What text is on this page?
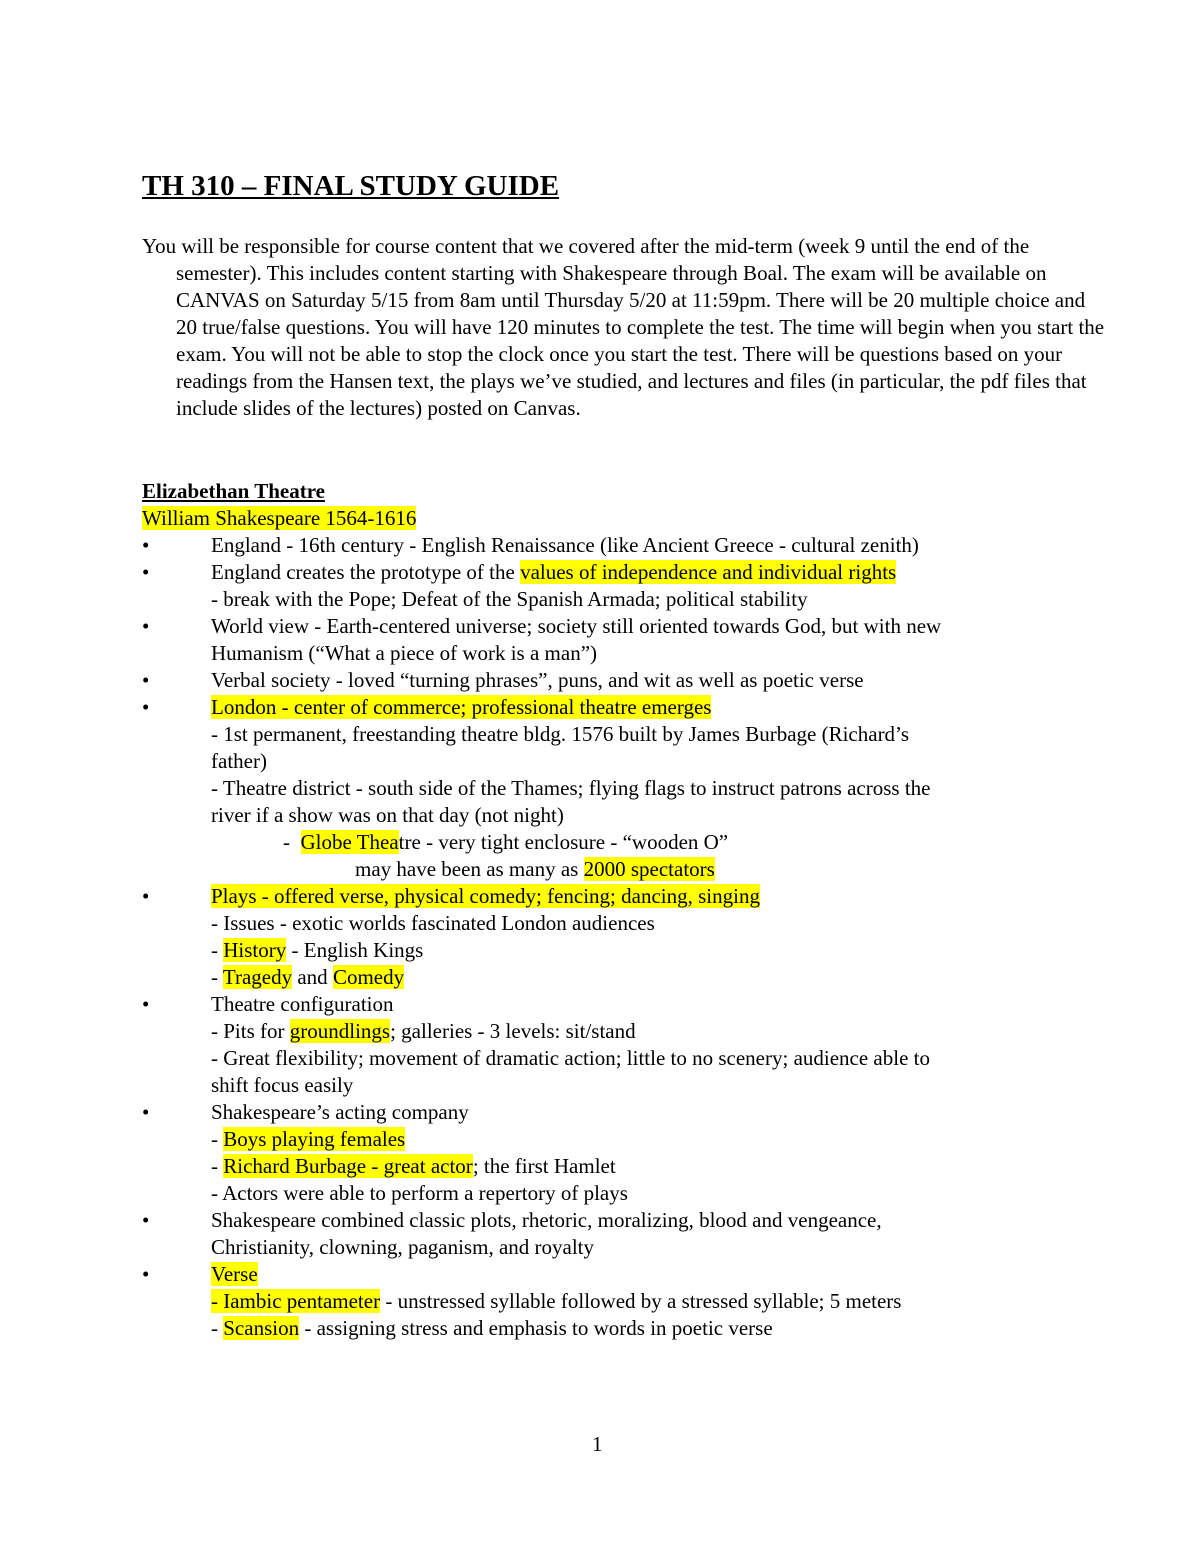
TH 310 – FINAL STUDY GUIDE

You will be responsible for course content that we covered after the mid-term (week 9 until the end of the semester). This includes content starting with Shakespeare through Boal. The exam will be available on CANVAS on Saturday 5/15 from 8am until Thursday 5/20 at 11:59pm. There will be 20 multiple choice and 20 true/false questions. You will have 120 minutes to complete the test. The time will begin when you start the exam. You will not be able to stop the clock once you start the test. There will be questions based on your readings from the Hansen text, the plays we’ve studied, and lectures and files (in particular, the pdf files that include slides of the lectures) posted on Canvas.

Elizabethan Theatre
William Shakespeare 1564-1616
•	England - 16th century - English Renaissance (like Ancient Greece - cultural zenith)
•	England creates the prototype of the values of independence and individual rights
- break with the Pope; Defeat of the Spanish Armada; political stability
•	World view - Earth-centered universe; society still oriented towards God, but with new
Humanism (“What a piece of work is a man”)
•	Verbal society - loved “turning phrases”, puns, and wit as well as poetic verse
•	London - center of commerce; professional theatre emerges
- 1st permanent, freestanding theatre bldg. 1576 built by James Burbage (Richard’s
father)
- Theatre district - south side of the Thames; flying flags to instruct patrons across the
river if a show was on that day (not night)
- Globe Theatre - very tight enclosure - “wooden O”
may have been as many as 2000 spectators
•	Plays - offered verse, physical comedy; fencing; dancing, singing
- Issues - exotic worlds fascinated London audiences
- History - English Kings
- Tragedy and Comedy
•	Theatre configuration
- Pits for groundlings; galleries - 3 levels: sit/stand
- Great flexibility; movement of dramatic action; little to no scenery; audience able to
shift focus easily
•	Shakespeare’s acting company
- Boys playing females
- Richard Burbage - great actor; the first Hamlet
- Actors were able to perform a repertory of plays
•	Shakespeare combined classic plots, rhetoric, moralizing, blood and vengeance,
Christianity, clowning, paganism, and royalty
•	Verse
- Iambic pentameter - unstressed syllable followed by a stressed syllable; 5 meters
- Scansion - assigning stress and emphasis to words in poetic verse
1
